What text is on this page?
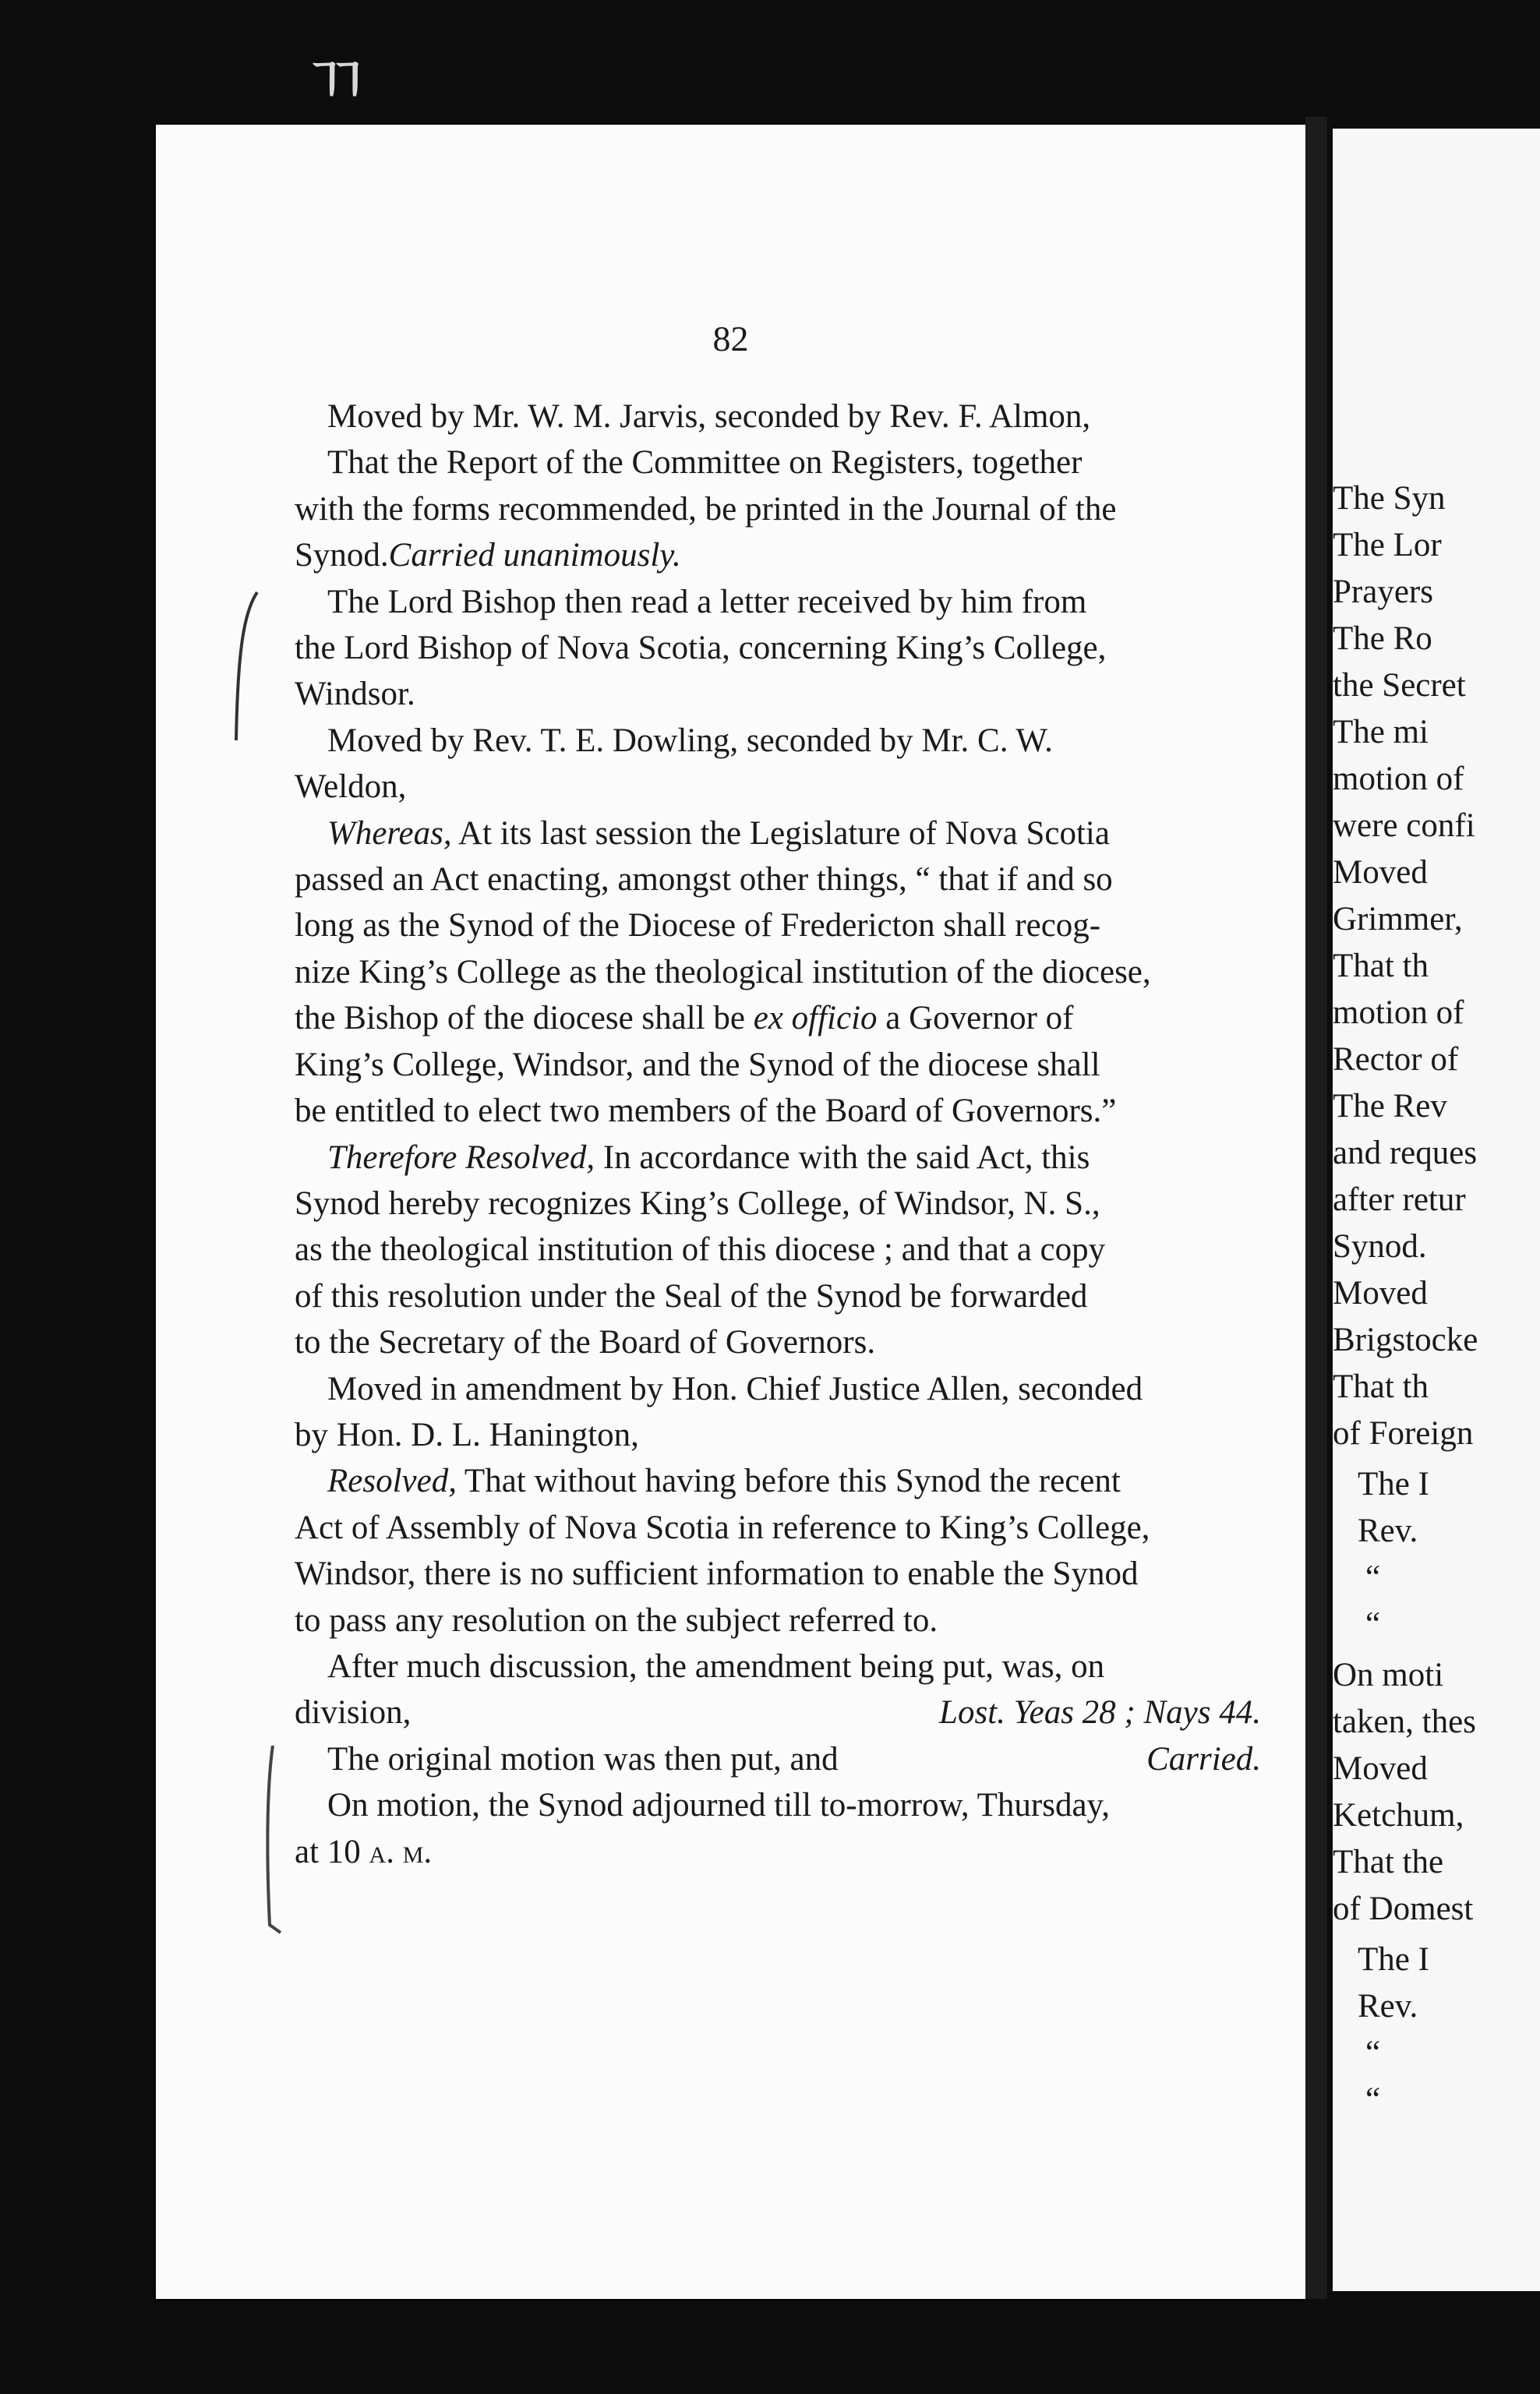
ㄲ
82
Moved by Mr. W. M. Jarvis, seconded by Rev. F. Almon,
That the Report of the Committee on Registers, together
with the forms recommended, be printed in the Journal of the
Synod. Carried unanimously.
The Lord Bishop then read a letter received by him from
the Lord Bishop of Nova Scotia, concerning King’s College,
Windsor.
Moved by Rev. T. E. Dowling, seconded by Mr. C. W.
Weldon,
Whereas, At its last session the Legislature of Nova Scotia
passed an Act enacting, amongst other things, “ that if and so
long as the Synod of the Diocese of Fredericton shall recog-
nize King’s College as the theological institution of the diocese,
the Bishop of the diocese shall be ex officio a Governor of
King’s College, Windsor, and the Synod of the diocese shall
be entitled to elect two members of the Board of Governors.”
Therefore Resolved, In accordance with the said Act, this
Synod hereby recognizes King’s College, of Windsor, N. S.,
as the theological institution of this diocese ; and that a copy
of this resolution under the Seal of the Synod be forwarded
to the Secretary of the Board of Governors.
Moved in amendment by Hon. Chief Justice Allen, seconded
by Hon. D. L. Hanington,
Resolved, That without having before this Synod the recent
Act of Assembly of Nova Scotia in reference to King’s College,
Windsor, there is no sufficient information to enable the Synod
to pass any resolution on the subject referred to.
After much discussion, the amendment being put, was, on
division,	Lost. Yeas 28 ; Nays 44.
The original motion was then put, and	Carried.
On motion, the Synod adjourned till to-morrow, Thursday,
at 10 a. m.
The Syn
The Lor
Prayers
The Ro
the Secret
The mi
motion of
were confi
Moved
Grimmer,
That th
motion of
Rector of
The Rev
and reques
after retur
Synod.
Moved
Brigstocke
That th
of Foreign
The I
Rev.
“
“
On moti
taken, thes
Moved
Ketchum,
That the
of Domest
The I
Rev.
“
“
